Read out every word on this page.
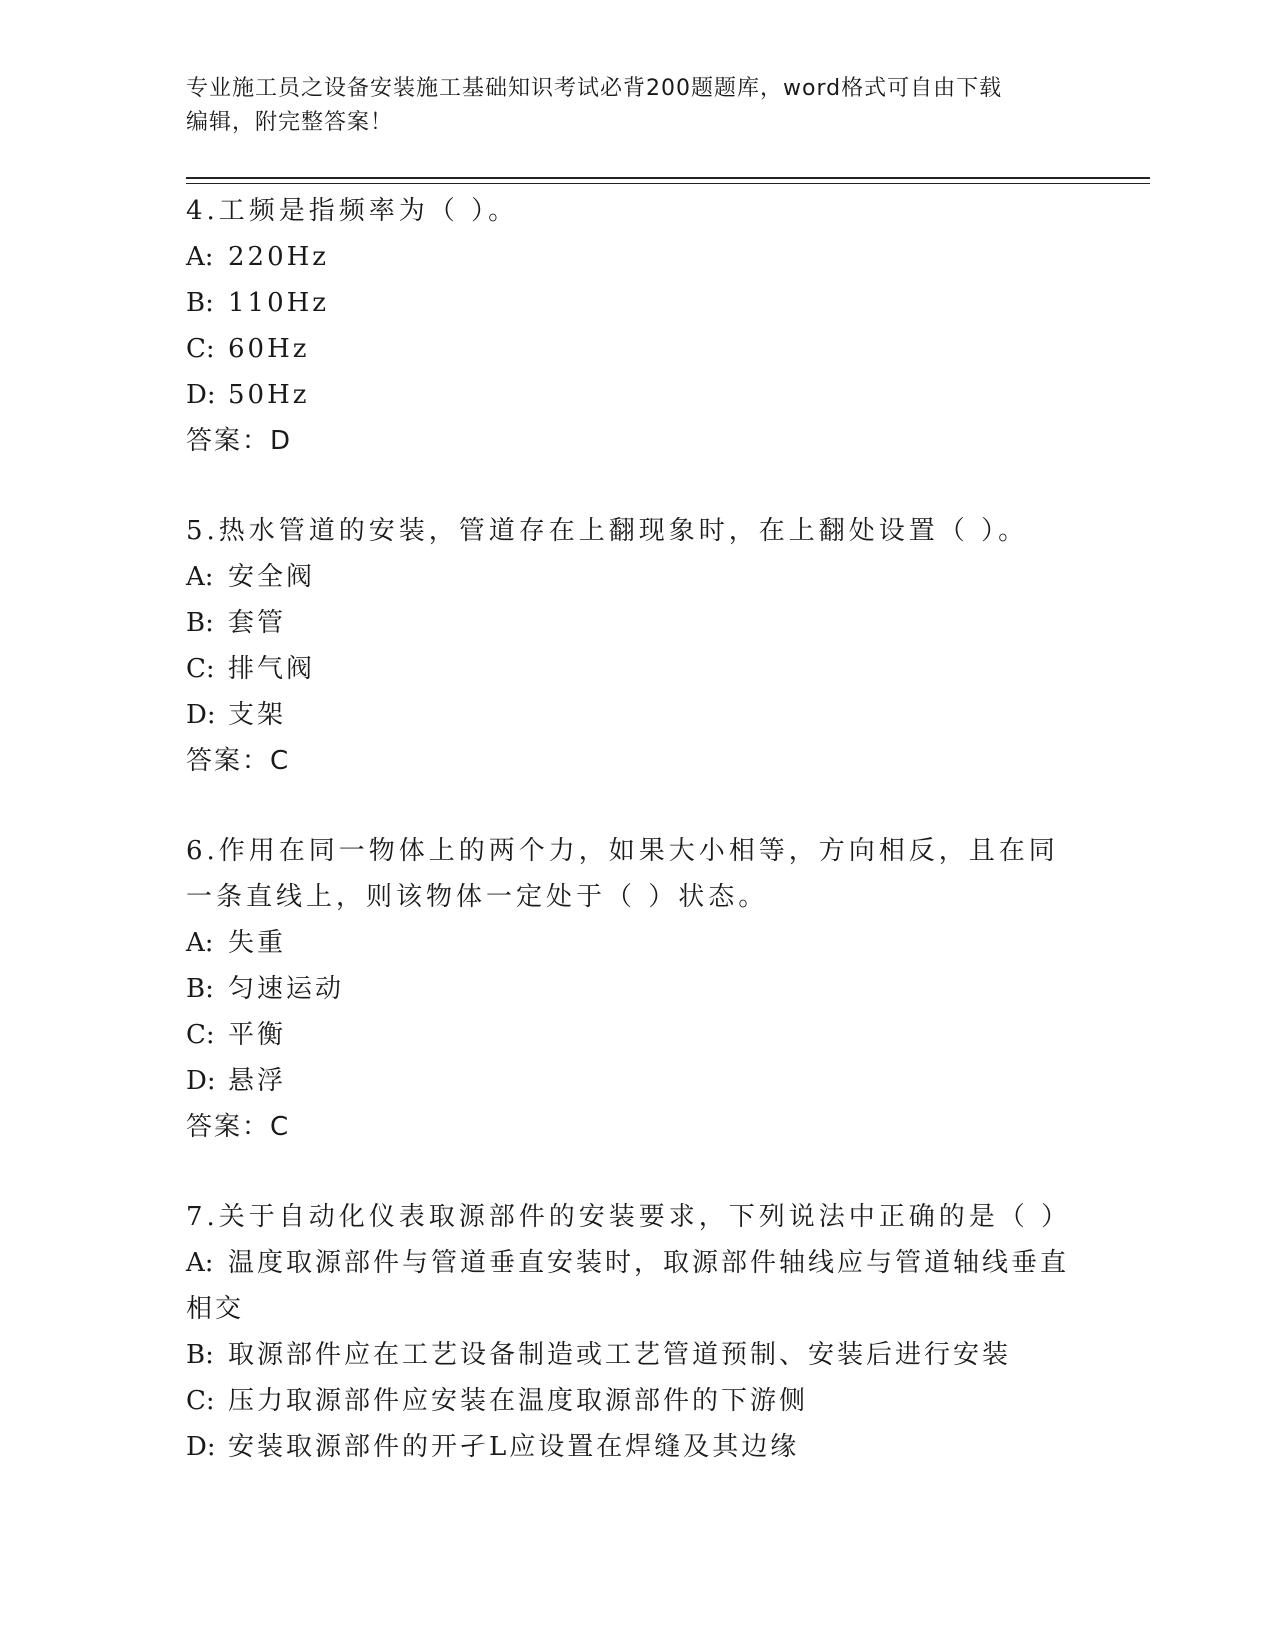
专业施工员之设备安装施工基础知识考试必背200题题库，word格式可自由下载
编辑，附完整答案！

4.工频是指频率为（ ）。

A: 220Hz

B: 110Hz

C: 60Hz

D: 50Hz

答案：D

5.热水管道的安装，管道存在上翻现象时，在上翻处设置（ ）。

A: 安全阀

B: 套管

C: 排气阀

D: 支架

答案：C

6.作用在同一物体上的两个力，如果大小相等，方向相反，且在同一条直线上，则该物体一定处于（ ）状态。

A: 失重

B: 匀速运动

C: 平衡

D: 悬浮

答案：C

7.关于自动化仪表取源部件的安装要求，下列说法中正确的是（ ）

A: 温度取源部件与管道垂直安装时，取源部件轴线应与管道轴线垂直相交

B: 取源部件应在工艺设备制造或工艺管道预制、安装后进行安装

C: 压力取源部件应安装在温度取源部件的下游侧

D: 安装取源部件的开孑L应设置在焊缝及其边缘
